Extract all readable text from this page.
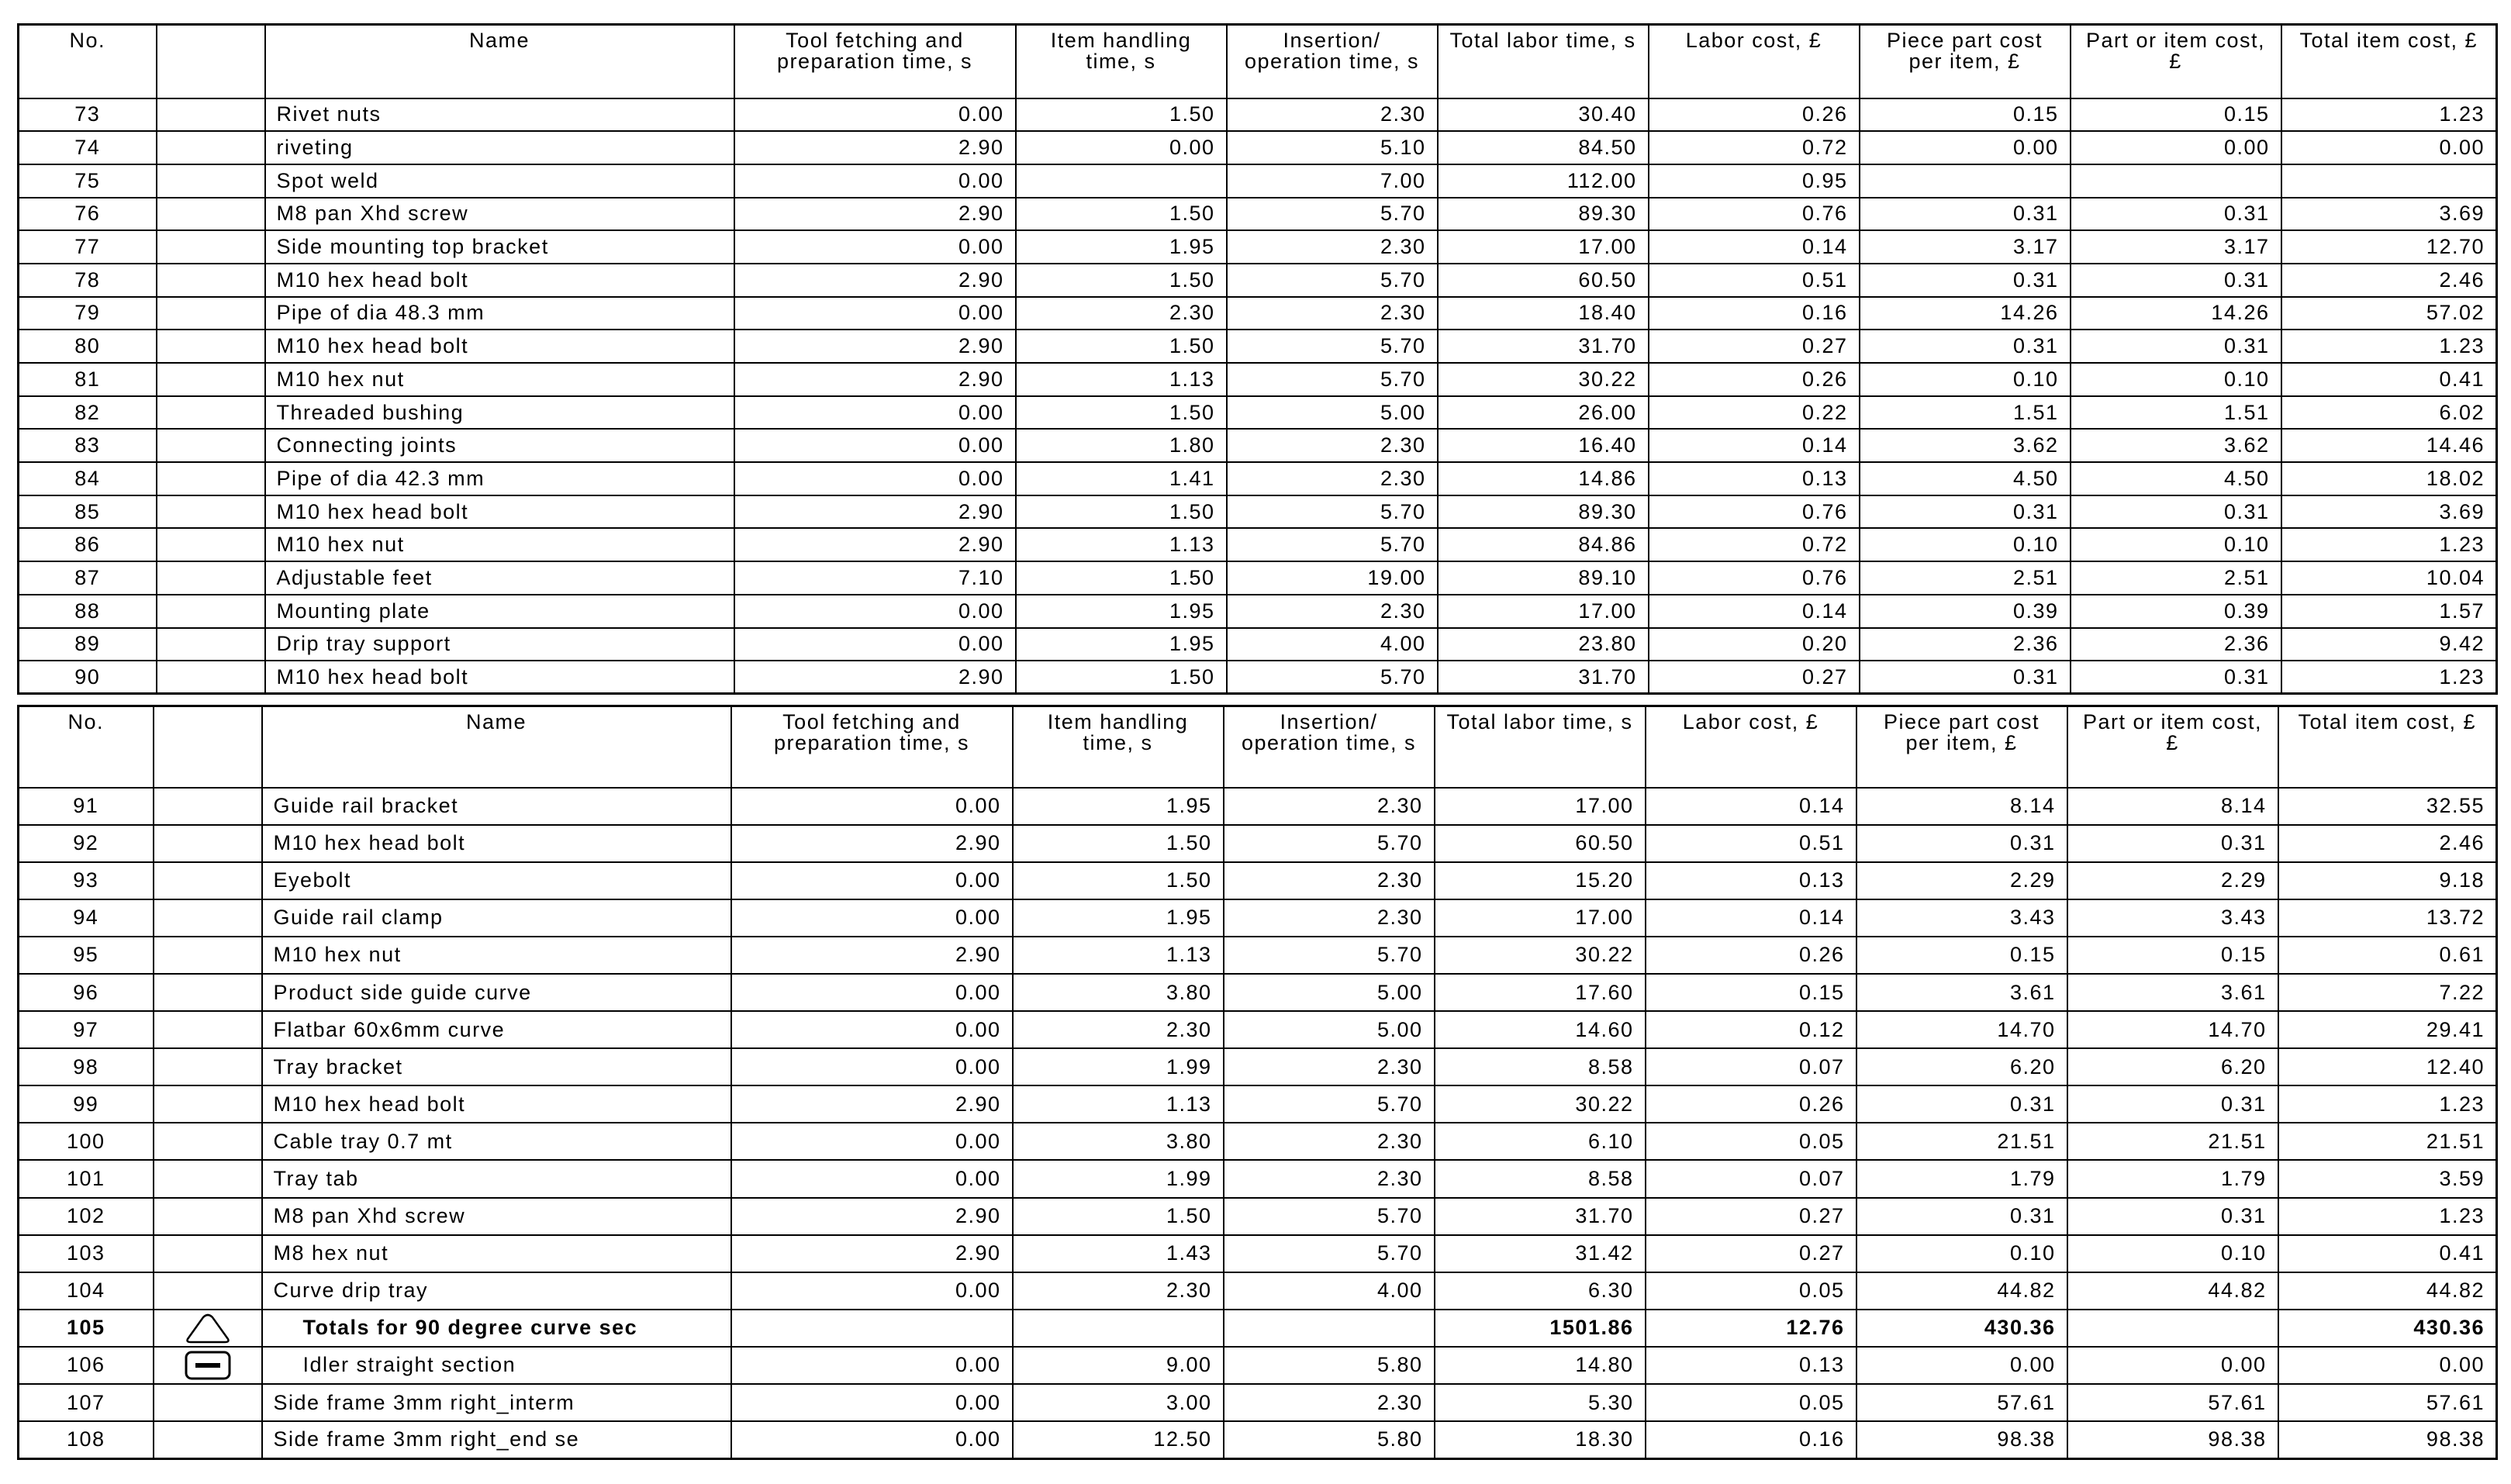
No.		Name	Tool fetching and preparation time, s	Item handling time, s	Insertion/ operation time, s	Total labor time, s	Labor cost, £	Piece part cost per item, £	Part or item cost, £	Total item cost, £
73		Rivet nuts	0.00	1.50	2.30	30.40	0.26	0.15	0.15	1.23
74		riveting	2.90	0.00	5.10	84.50	0.72	0.00	0.00	0.00
75		Spot weld	0.00		7.00	112.00	0.95			
76		M8 pan Xhd screw	2.90	1.50	5.70	89.30	0.76	0.31	0.31	3.69
77		Side mounting top bracket	0.00	1.95	2.30	17.00	0.14	3.17	3.17	12.70
78		M10 hex head bolt	2.90	1.50	5.70	60.50	0.51	0.31	0.31	2.46
79		Pipe of dia 48.3 mm	0.00	2.30	2.30	18.40	0.16	14.26	14.26	57.02
80		M10 hex head bolt	2.90	1.50	5.70	31.70	0.27	0.31	0.31	1.23
81		M10 hex nut	2.90	1.13	5.70	30.22	0.26	0.10	0.10	0.41
82		Threaded bushing	0.00	1.50	5.00	26.00	0.22	1.51	1.51	6.02
83		Connecting joints	0.00	1.80	2.30	16.40	0.14	3.62	3.62	14.46
84		Pipe of dia 42.3 mm	0.00	1.41	2.30	14.86	0.13	4.50	4.50	18.02
85		M10 hex head bolt	2.90	1.50	5.70	89.30	0.76	0.31	0.31	3.69
86		M10 hex nut	2.90	1.13	5.70	84.86	0.72	0.10	0.10	1.23
87		Adjustable feet	7.10	1.50	19.00	89.10	0.76	2.51	2.51	10.04
88		Mounting plate	0.00	1.95	2.30	17.00	0.14	0.39	0.39	1.57
89		Drip tray support	0.00	1.95	4.00	23.80	0.20	2.36	2.36	9.42
90		M10 hex head bolt	2.90	1.50	5.70	31.70	0.27	0.31	0.31	1.23
No.		Name	Tool fetching and preparation time, s	Item handling time, s	Insertion/ operation time, s	Total labor time, s	Labor cost, £	Piece part cost per item, £	Part or item cost, £	Total item cost, £
91		Guide rail bracket	0.00	1.95	2.30	17.00	0.14	8.14	8.14	32.55
92		M10 hex head bolt	2.90	1.50	5.70	60.50	0.51	0.31	0.31	2.46
93		Eyebolt	0.00	1.50	2.30	15.20	0.13	2.29	2.29	9.18
94		Guide rail clamp	0.00	1.95	2.30	17.00	0.14	3.43	3.43	13.72
95		M10 hex nut	2.90	1.13	5.70	30.22	0.26	0.15	0.15	0.61
96		Product side guide curve	0.00	3.80	5.00	17.60	0.15	3.61	3.61	7.22
97		Flatbar 60x6mm curve	0.00	2.30	5.00	14.60	0.12	14.70	14.70	29.41
98		Tray bracket	0.00	1.99	2.30	8.58	0.07	6.20	6.20	12.40
99		M10 hex head bolt	2.90	1.13	5.70	30.22	0.26	0.31	0.31	1.23
100		Cable tray 0.7 mt	0.00	3.80	2.30	6.10	0.05	21.51	21.51	21.51
101		Tray tab	0.00	1.99	2.30	8.58	0.07	1.79	1.79	3.59
102		M8 pan Xhd screw	2.90	1.50	5.70	31.70	0.27	0.31	0.31	1.23
103		M8 hex nut	2.90	1.43	5.70	31.42	0.27	0.10	0.10	0.41
104		Curve drip tray	0.00	2.30	4.00	6.30	0.05	44.82	44.82	44.82
105		Totals for 90 degree curve sec				1501.86	12.76	430.36		430.36
106		Idler straight section	0.00	9.00	5.80	14.80	0.13	0.00	0.00	0.00
107		Side frame 3mm right_interm	0.00	3.00	2.30	5.30	0.05	57.61	57.61	57.61
108		Side frame 3mm right_end se	0.00	12.50	5.80	18.30	0.16	98.38	98.38	98.38
